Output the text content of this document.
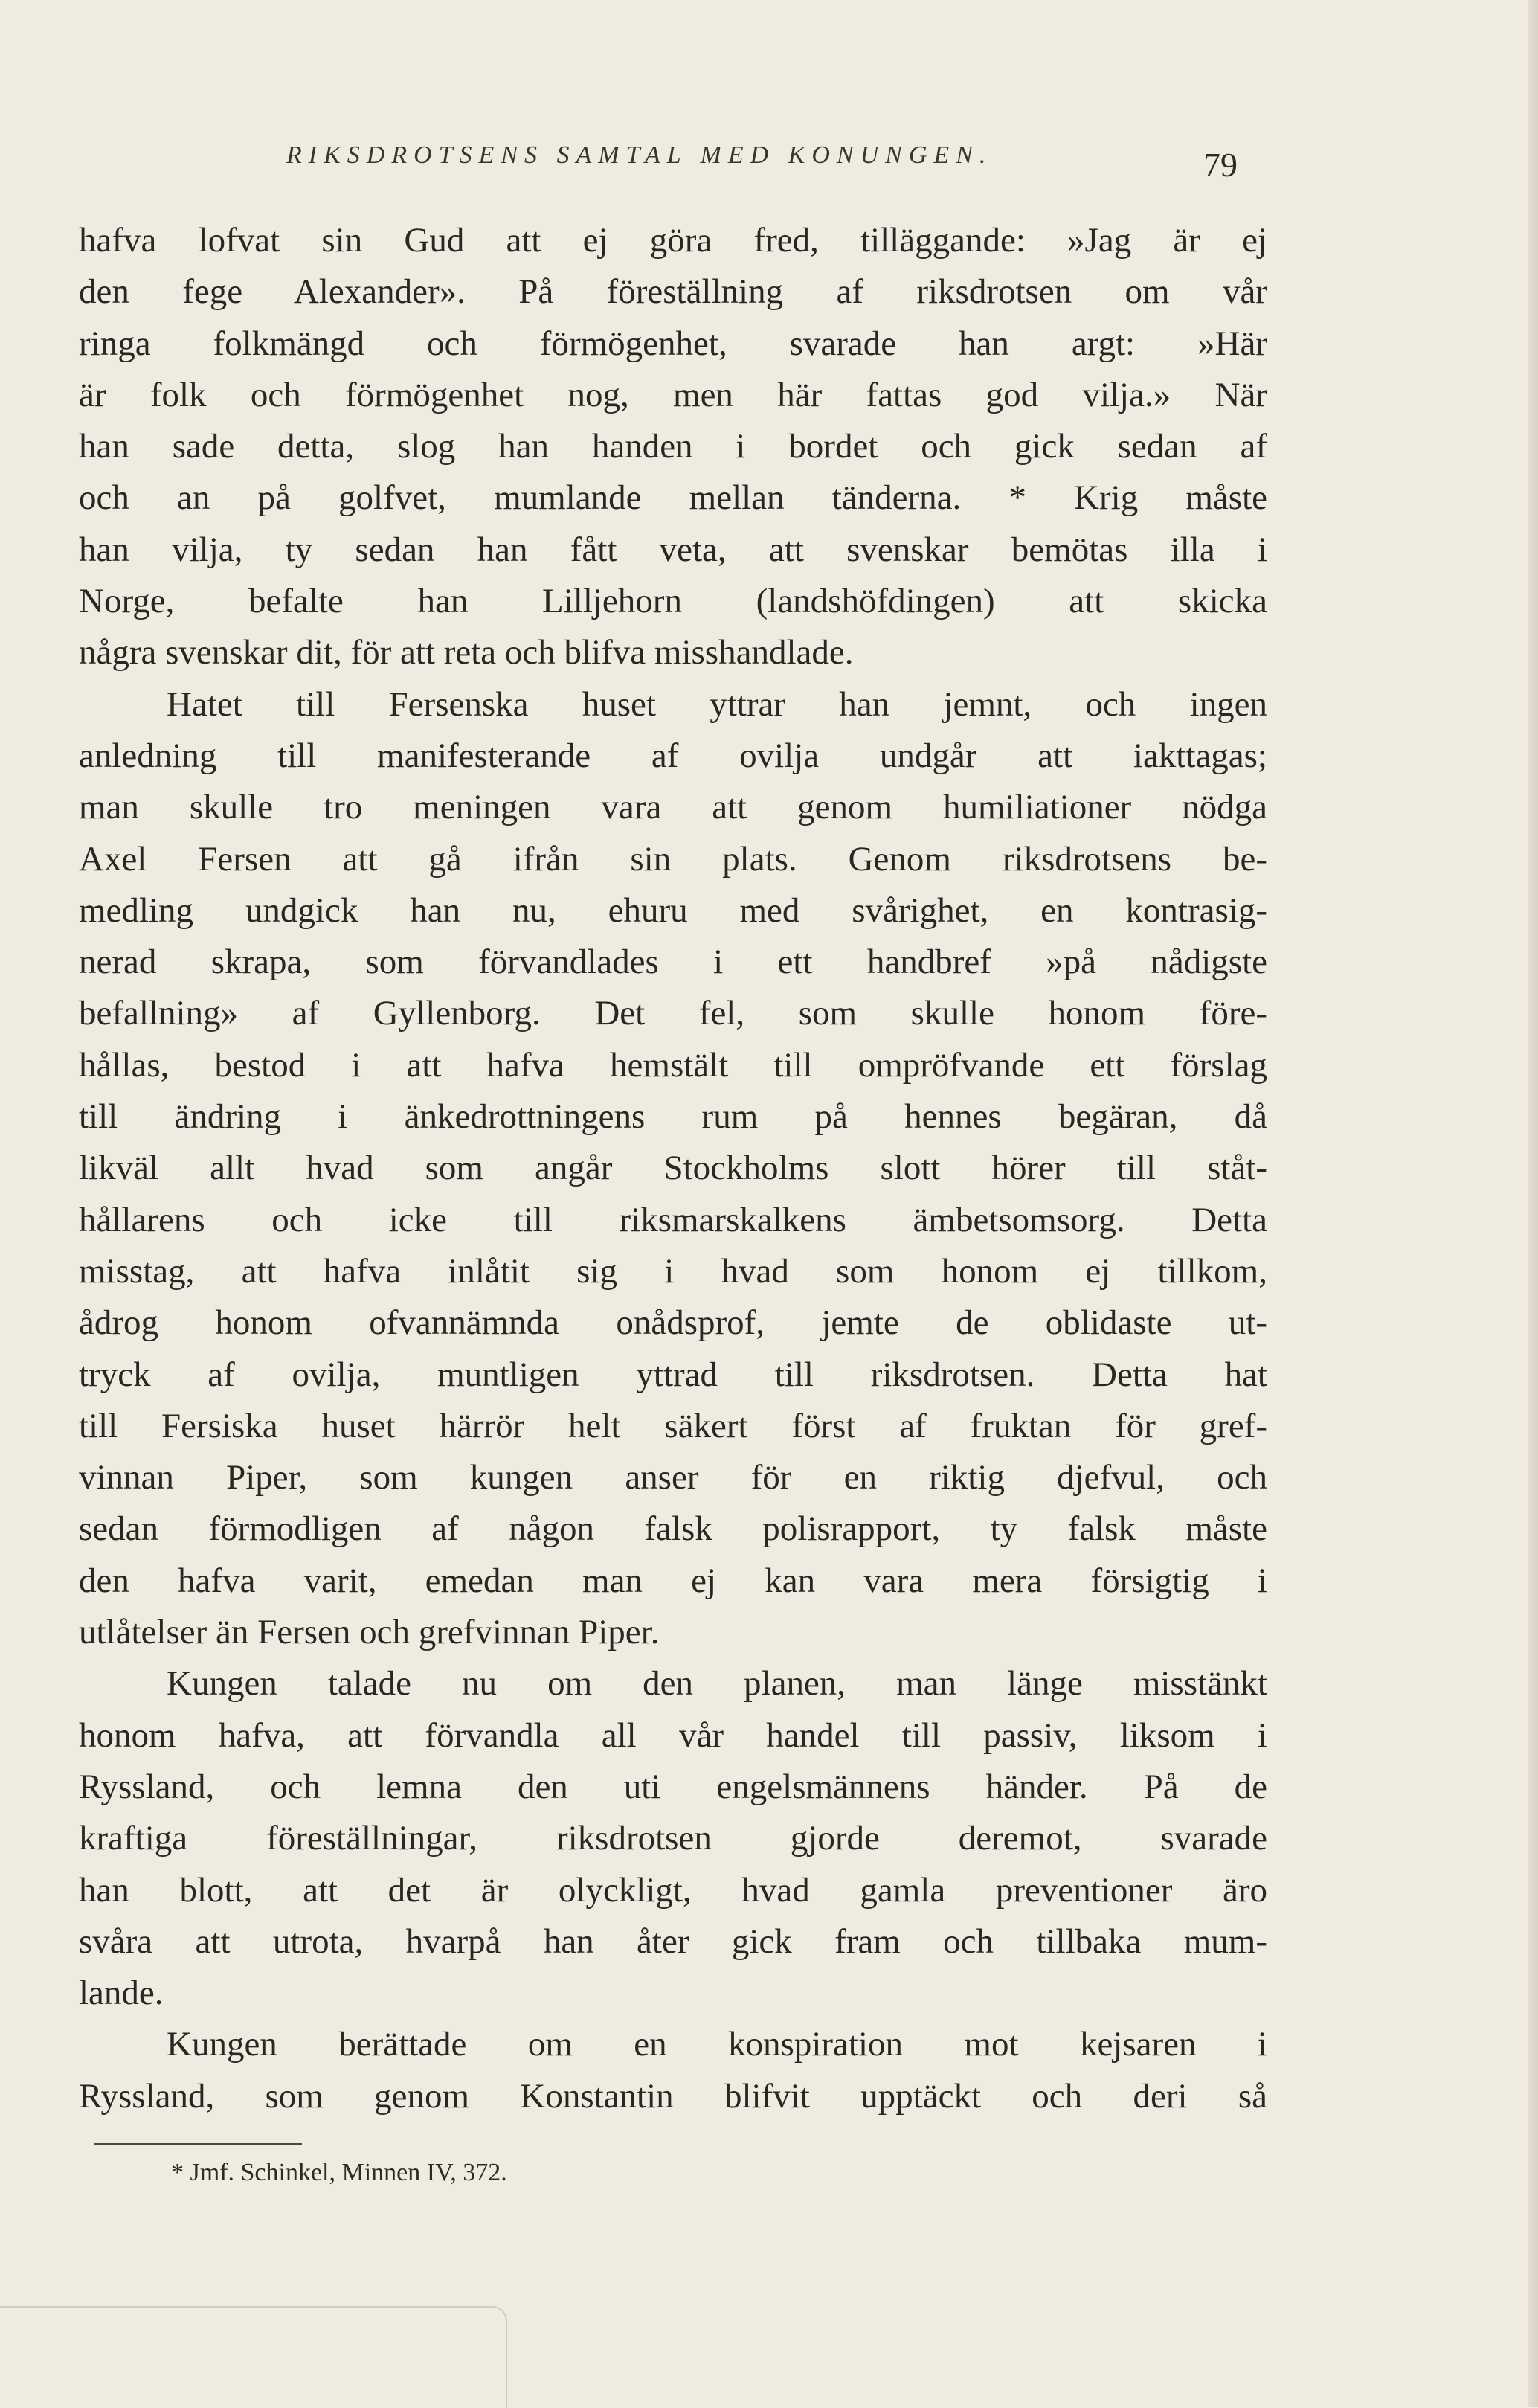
RIKSDROTSENS SAMTAL MED KONUNGEN.	79
hafva lofvat sin Gud att ej göra fred, tilläggande: »Jag är ej
den fege Alexander». På föreställning af riksdrotsen om vår
ringa folkmängd och förmögenhet, svarade han argt: »Här
är folk och förmögenhet nog, men här fattas god vilja.» När
han sade detta, slog han handen i bordet och gick sedan af
och an på golfvet, mumlande mellan tänderna. * Krig måste
han vilja, ty sedan han fått veta, att svenskar bemötas illa i
Norge, befalte han Lilljehorn (landshöfdingen) att skicka
några svenskar dit, för att reta och blifva misshandlade.
Hatet till Fersenska huset yttrar han jemnt, och ingen
anledning till manifesterande af ovilja undgår att iakttagas;
man skulle tro meningen vara att genom humiliationer nödga
Axel Fersen att gå ifrån sin plats. Genom riksdrotsens be-
medling undgick han nu, ehuru med svårighet, en kontrasig-
nerad skrapa, som förvandlades i ett handbref »på nådigste
befallning» af Gyllenborg. Det fel, som skulle honom före-
hållas, bestod i att hafva hemstält till ompröfvande ett förslag
till ändring i änkedrottningens rum på hennes begäran, då
likväl allt hvad som angår Stockholms slott hörer till ståt-
hållarens och icke till riksmarskalkens ämbetsomsorg. Detta
misstag, att hafva inlåtit sig i hvad som honom ej tillkom,
ådrog honom ofvannämnda onådsprof, jemte de oblidaste ut-
tryck af ovilja, muntligen yttrad till riksdrotsen. Detta hat
till Fersiska huset härrör helt säkert först af fruktan för gref-
vinnan Piper, som kungen anser för en riktig djefvul, och
sedan förmodligen af någon falsk polisrapport, ty falsk måste
den hafva varit, emedan man ej kan vara mera försigtig i
utlåtelser än Fersen och grefvinnan Piper.
Kungen talade nu om den planen, man länge misstänkt
honom hafva, att förvandla all vår handel till passiv, liksom i
Ryssland, och lemna den uti engelsmännens händer. På de
kraftiga föreställningar, riksdrotsen gjorde deremot, svarade
han blott, att det är olyckligt, hvad gamla preventioner äro
svåra att utrota, hvarpå han åter gick fram och tillbaka mum-
lande.
Kungen berättade om en konspiration mot kejsaren i
Ryssland, som genom Konstantin blifvit upptäckt och deri så
* Jmf. Schinkel, Minnen IV, 372.
